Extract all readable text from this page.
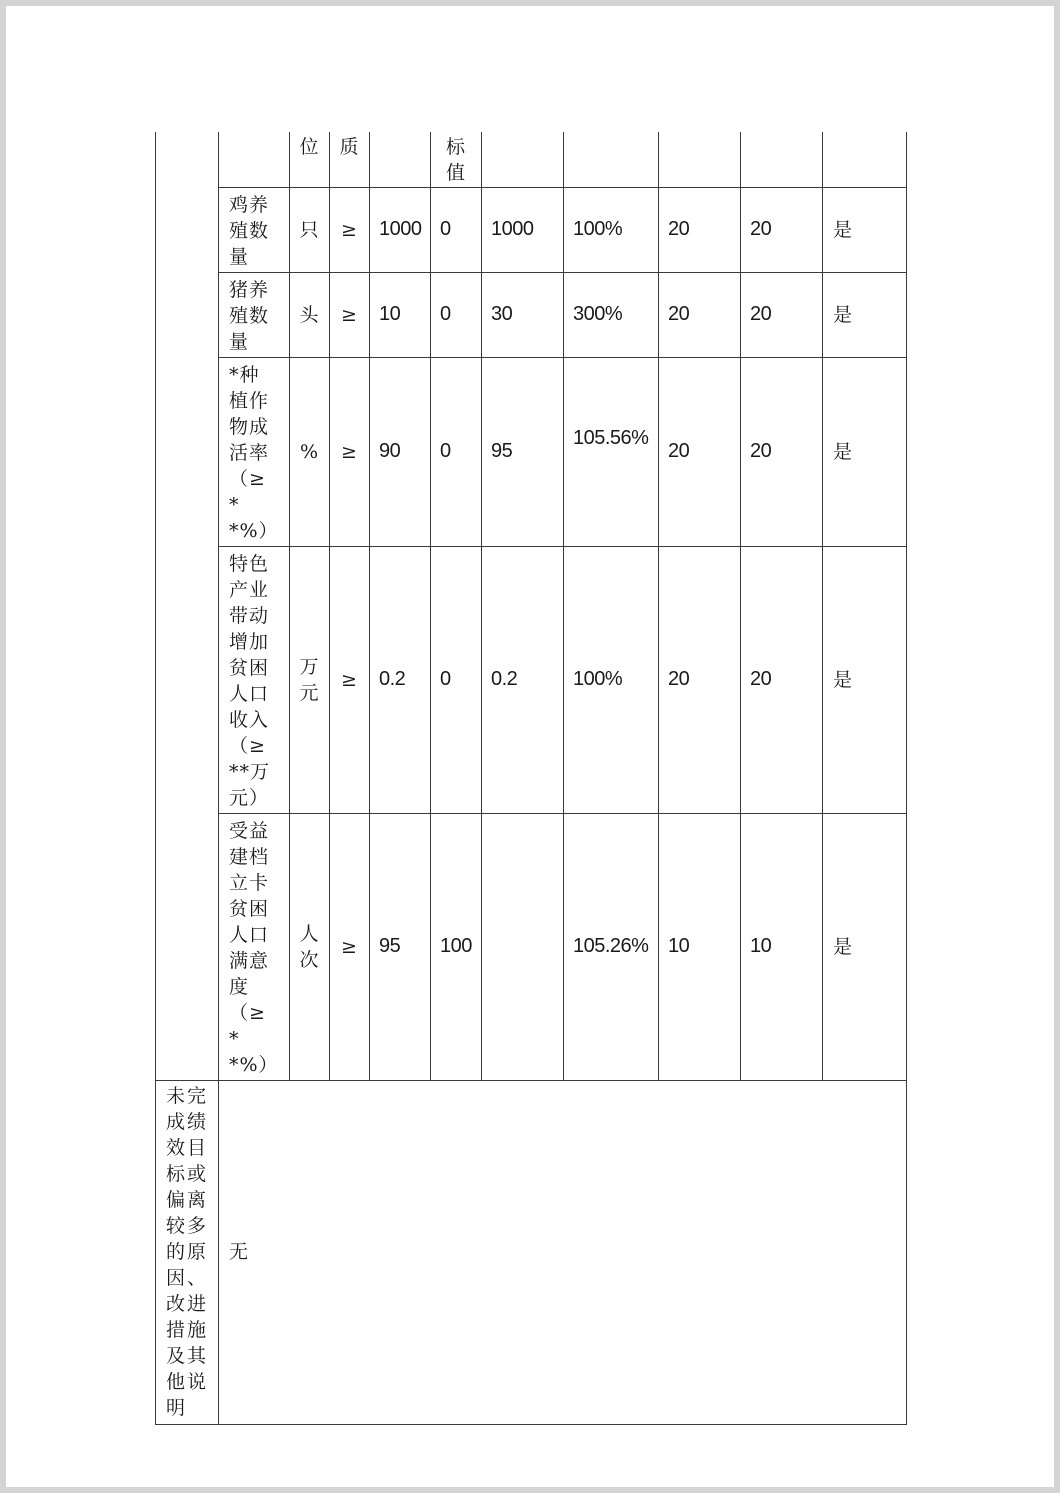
		位	质		标值					
	鸡养殖数量	只	≥	1000	0	1000	100%	20	20	是
	猪养殖数量	头	≥	10	0	30	300%	20	20	是
	*种植作物成活率（≥**%）	%	≥	90	0	95	105.56%	20	20	是
	特色产业带动增加贫困人口收入（≥**万元）	万元	≥	0.2	0	0.2	100%	20	20	是
	受益建档立卡贫困人口满意度（≥**%）	人次	≥	95	100		105.26%	10	10	是
未完成绩效目标或偏离较多的原因、改进措施及其他说明	无									
